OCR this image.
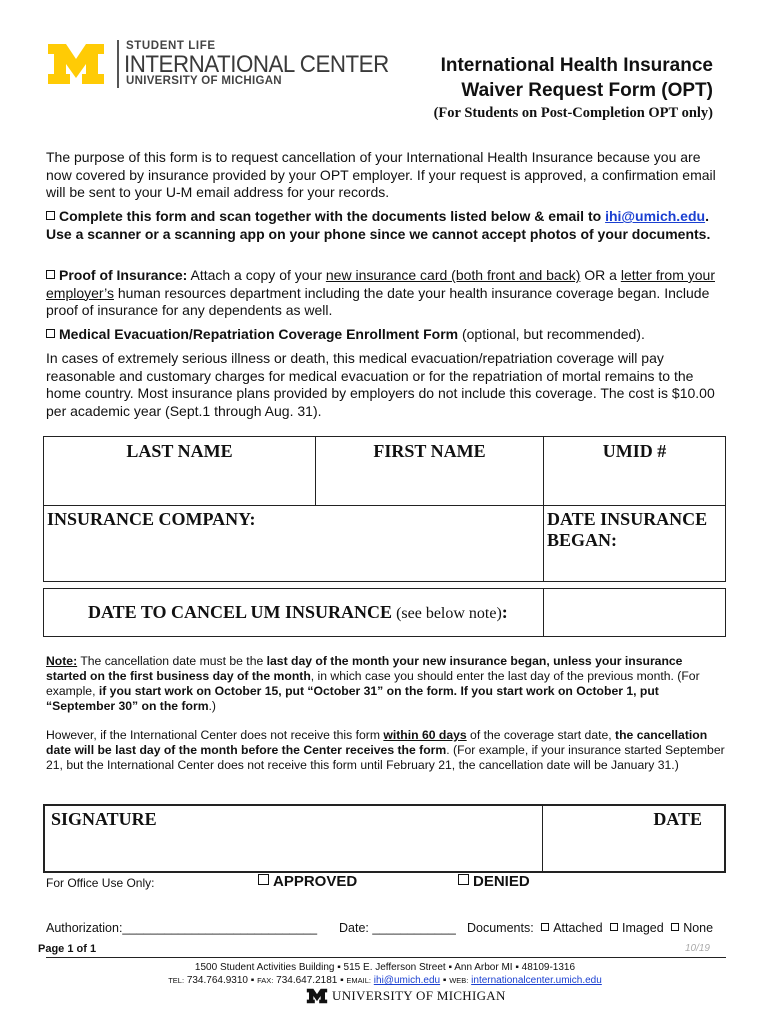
STUDENT LIFE
INTERNATIONAL CENTER
UNIVERSITY OF MICHIGAN
International Health Insurance
Waiver Request Form (OPT)
(For Students on Post-Completion OPT only)
The purpose of this form is to request cancellation of your International Health Insurance because you are now covered by insurance provided by your OPT employer. If your request is approved, a confirmation email will be sent to your U-M email address for your records.
Complete this form and scan together with the documents listed below & email to ihi@umich.edu. Use a scanner or a scanning app on your phone since we cannot accept photos of your documents.
Proof of Insurance: Attach a copy of your new insurance card (both front and back) OR a letter from your employer’s human resources department including the date your health insurance coverage began. Include proof of insurance for any dependents as well.
Medical Evacuation/Repatriation Coverage Enrollment Form (optional, but recommended).
In cases of extremely serious illness or death, this medical evacuation/repatriation coverage will pay reasonable and customary charges for medical evacuation or for the repatriation of mortal remains to the home country. Most insurance plans provided by employers do not include this coverage. The cost is $10.00 per academic year (Sept.1 through Aug. 31).
LAST NAME	FIRST NAME	UMID #
INSURANCE COMPANY:	DATE INSURANCE BEGAN:
DATE TO CANCEL UM INSURANCE (see below note):
Note: The cancellation date must be the last day of the month your new insurance began, unless your insurance started on the first business day of the month, in which case you should enter the last day of the previous month. (For example, if you start work on October 15, put “October 31” on the form. If you start work on October 1, put “September 30” on the form.)
However, if the International Center does not receive this form within 60 days of the coverage start date, the cancellation date will be last day of the month before the Center receives the form. (For example, if your insurance started September 21, but the International Center does not receive this form until February 21, the cancellation date will be January 31.)
SIGNATURE	DATE
For Office Use Only:	APPROVED	DENIED
Authorization:____________________________ Date: ____________ Documents: Attached Imaged None
Page 1 of 1	10/19
1500 Student Activities Building ▪ 515 E. Jefferson Street ▪ Ann Arbor MI ▪ 48109-1316
TEL: 734.764.9310 ▪ FAX: 734.647.2181 ▪ EMAIL: ihi@umich.edu ▪ WEB: internationalcenter.umich.edu
UNIVERSITY OF MICHIGAN
